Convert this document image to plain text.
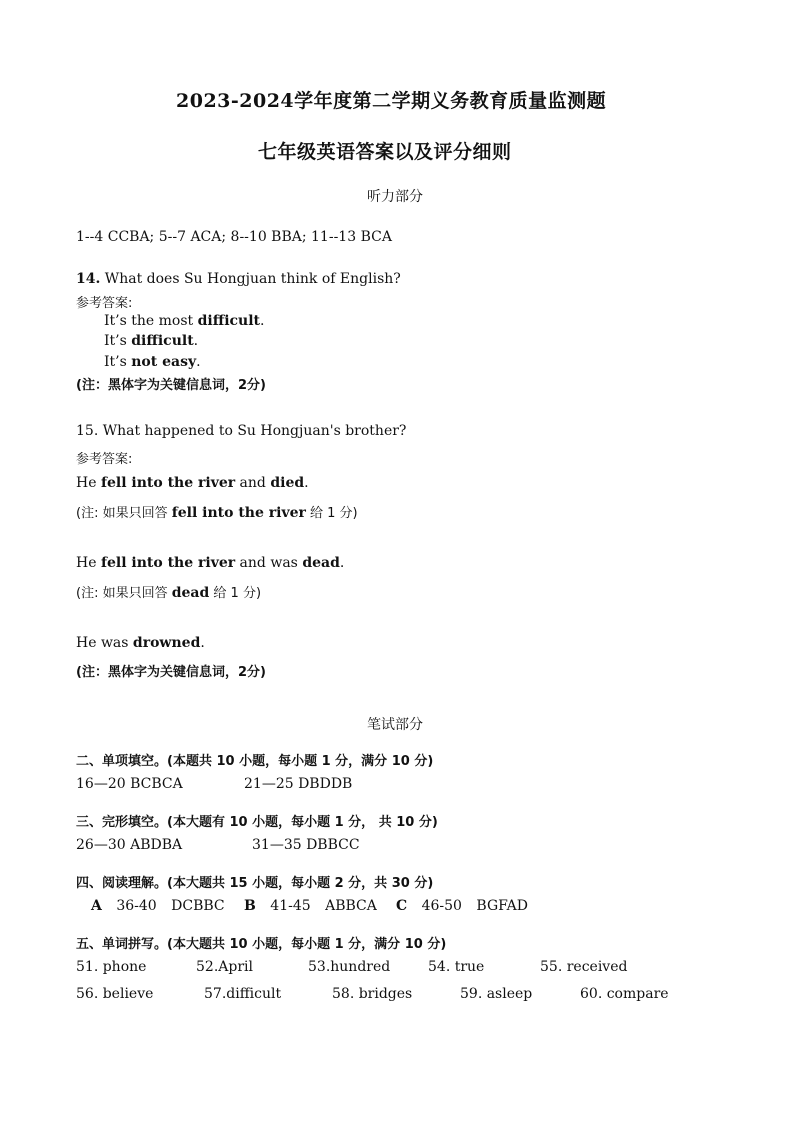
2023-2024学年度第二学期义务教育质量监测题
七年级英语答案以及评分细则
听力部分
1--4 CCBA; 5--7 ACA; 8--10 BBA; 11--13 BCA
14. What does Su Hongjuan think of English?
参考答案:
It’s the most difficult.
It’s difficult.
It’s not easy.
(注：黑体字为关键信息词，2分)
15. What happened to Su Hongjuan's brother?
参考答案:
He fell into the river and died.
(注: 如果只回答 fell into the river 给 1 分)
He fell into the river and was dead.
(注: 如果只回答 dead 给 1 分)
He was drowned.
(注：黑体字为关键信息词，2分)
笔试部分
二、单项填空。(本题共 10 小题，每小题 1 分，满分 10 分)
16—20 BCBCA	21—25 DBDDB
三、完形填空。(本大题有 10 小题，每小题 1 分， 共 10 分)
26—30 ABDBA	31—35 DBBCC
四、阅读理解。(本大题共 15 小题，每小题 2 分，共 30 分)
A 36-40 DCBBC B 41-45 ABBCA C 46-50 BGFAD
五、单词拼写。(本大题共 10 小题，每小题 1 分，满分 10 分)
51. phone	52.April	53.hundred	54. true	55. received
56. believe	57.difficult	58. bridges	59. asleep	60. compare
